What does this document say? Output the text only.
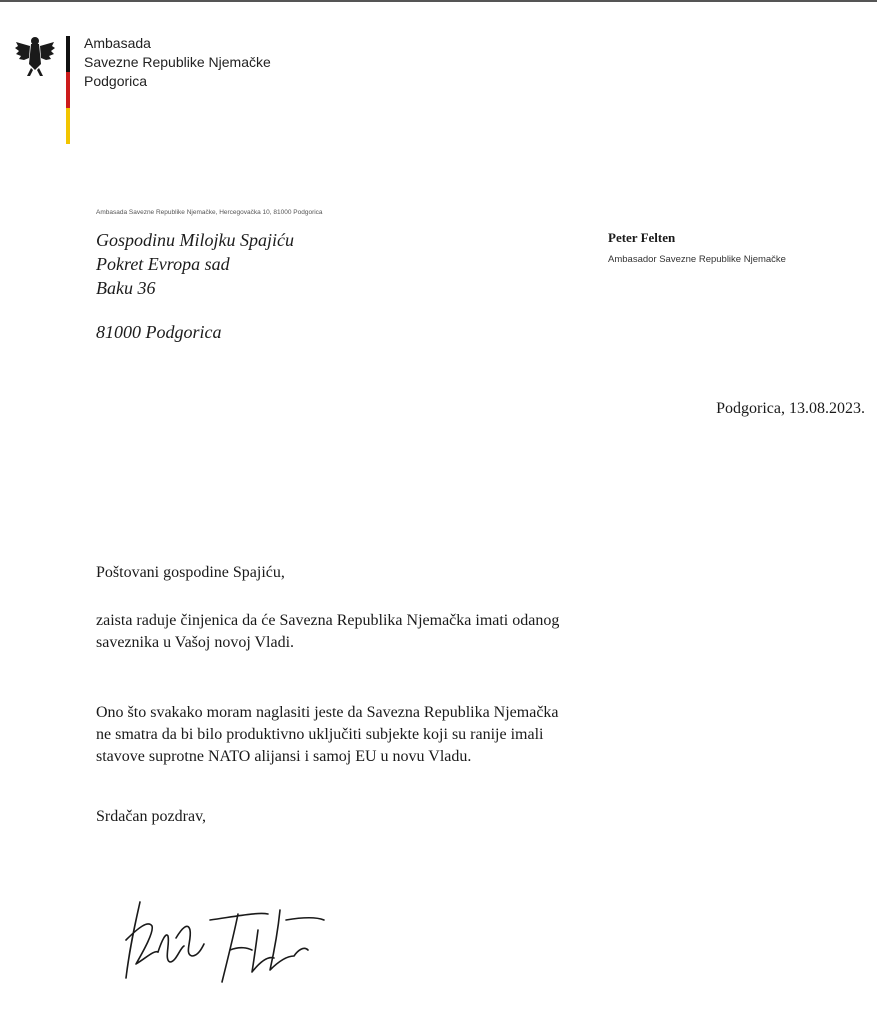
Ambasada
Savezne Republike Njemačke
Podgorica
Ambasada Savezne Republike Njemačke, Hercegovačka 10, 81000 Podgorica
Gospodinu Milojku Spajiću
Pokret Evropa sad
Baku 36
81000 Podgorica
Peter Felten
Ambasador Savezne Republike Njemačke
Podgorica, 13.08.2023.

Poštovani gospodine Spajiću,

zaista raduje činjenica da će Savezna Republika Njemačka imati odanog
saveznika u Vašoj novoj Vladi.

Ono što svakako moram naglasiti jeste da Savezna Republika Njemačka
ne smatra da bi bilo produktivno uključiti subjekte koji su ranije imali
stavove suprotne NATO alijansi i samoj EU u novu Vladu.

Srdačan pozdrav,
